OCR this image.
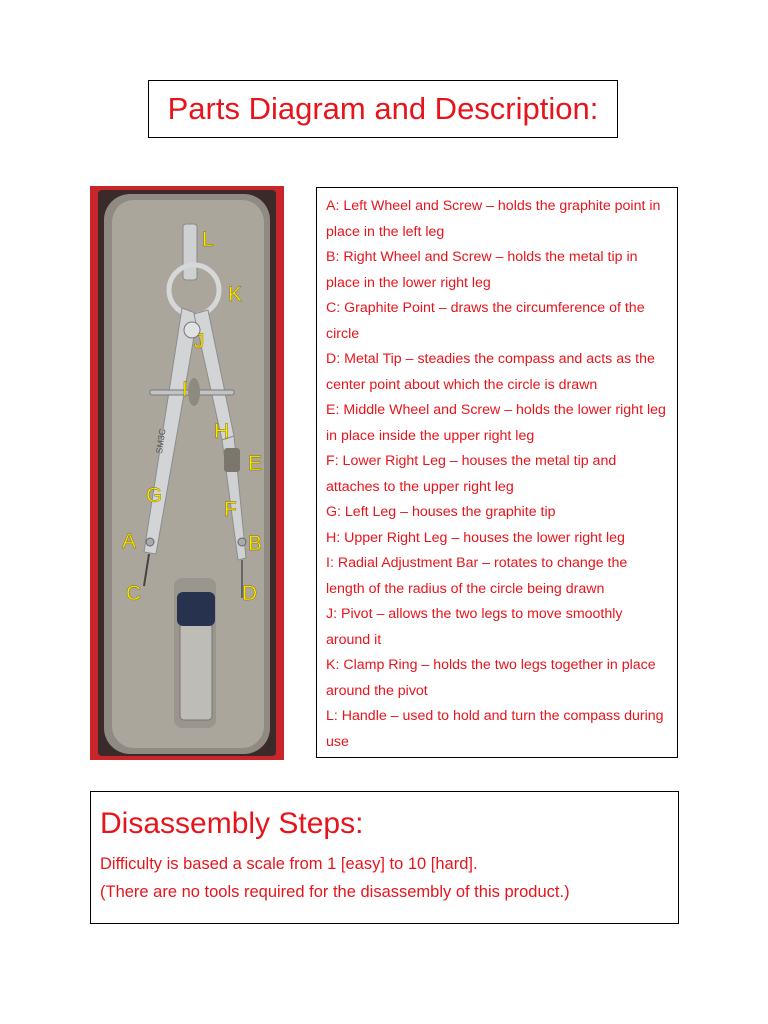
Parts Diagram and Description:
SM3C
L
K
J
I
H
E
G
F
A	B
C	D

A: Left Wheel and Screw – holds the graphite point in place in the left leg

B: Right Wheel and Screw – holds the metal tip in place in the lower right leg

C: Graphite Point – draws the circumference of the circle

D: Metal Tip – steadies the compass and acts as the center point about which the circle is drawn

E: Middle Wheel and Screw – holds the lower right leg in place inside the upper right leg

F: Lower Right Leg – houses the metal tip and attaches to the upper right leg

G: Left Leg – houses the graphite tip

H: Upper Right Leg – houses the lower right leg

I: Radial Adjustment Bar – rotates to change the length of the radius of the circle being drawn

J: Pivot – allows the two legs to move smoothly around it

K: Clamp Ring – holds the two legs together in place around the pivot

L: Handle – used to hold and turn the compass during use

Disassembly Steps:

Difficulty is based a scale from 1 [easy] to 10 [hard].

(There are no tools required for the disassembly of this product.)
